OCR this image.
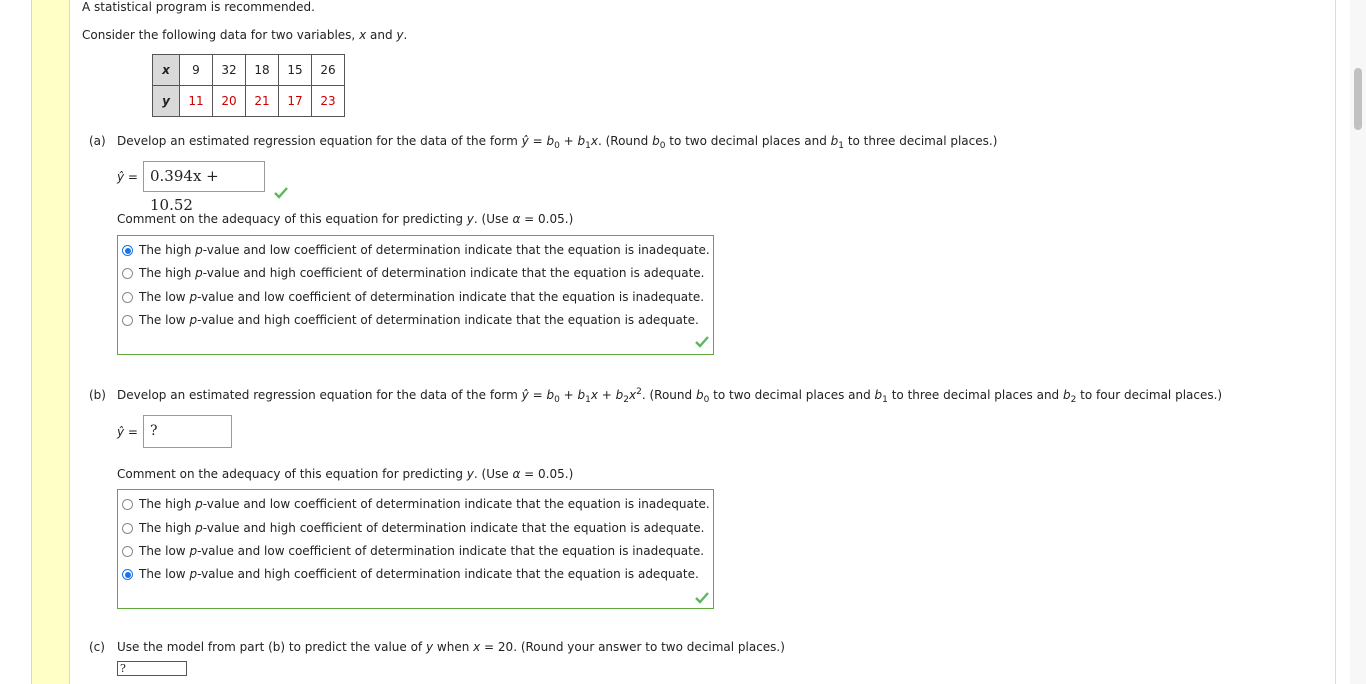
A statistical program is recommended.
Consider the following data for two variables, x and y.
x	9	32	18	15	26
y	11	20	21	17	23
(a) Develop an estimated regression equation for the data of the form ŷ = $b_0 + b_1x$. (Round $b_0$ to two decimal places and $b_1$ to three decimal places.)
ŷ = 0.394x + 10.52
Comment on the adequacy of this equation for predicting y. (Use α = 0.05.)
The high p-value and low coefficient of determination indicate that the equation is inadequate.
The high p-value and high coefficient of determination indicate that the equation is adequate.
The low p-value and low coefficient of determination indicate that the equation is inadequate.
The low p-value and high coefficient of determination indicate that the equation is adequate.
(b) Develop an estimated regression equation for the data of the form ŷ = $b_0 + b_1x + b_2x^2$. (Round $b_0$ to two decimal places and $b_1$ to three decimal places and $b_2$ to four decimal places.)
ŷ = ?
Comment on the adequacy of this equation for predicting y. (Use α = 0.05.)
The high p-value and low coefficient of determination indicate that the equation is inadequate.
The high p-value and high coefficient of determination indicate that the equation is adequate.
The low p-value and low coefficient of determination indicate that the equation is inadequate.
The low p-value and high coefficient of determination indicate that the equation is adequate.
(c) Use the model from part (b) to predict the value of y when x = 20. (Round your answer to two decimal places.)
?
